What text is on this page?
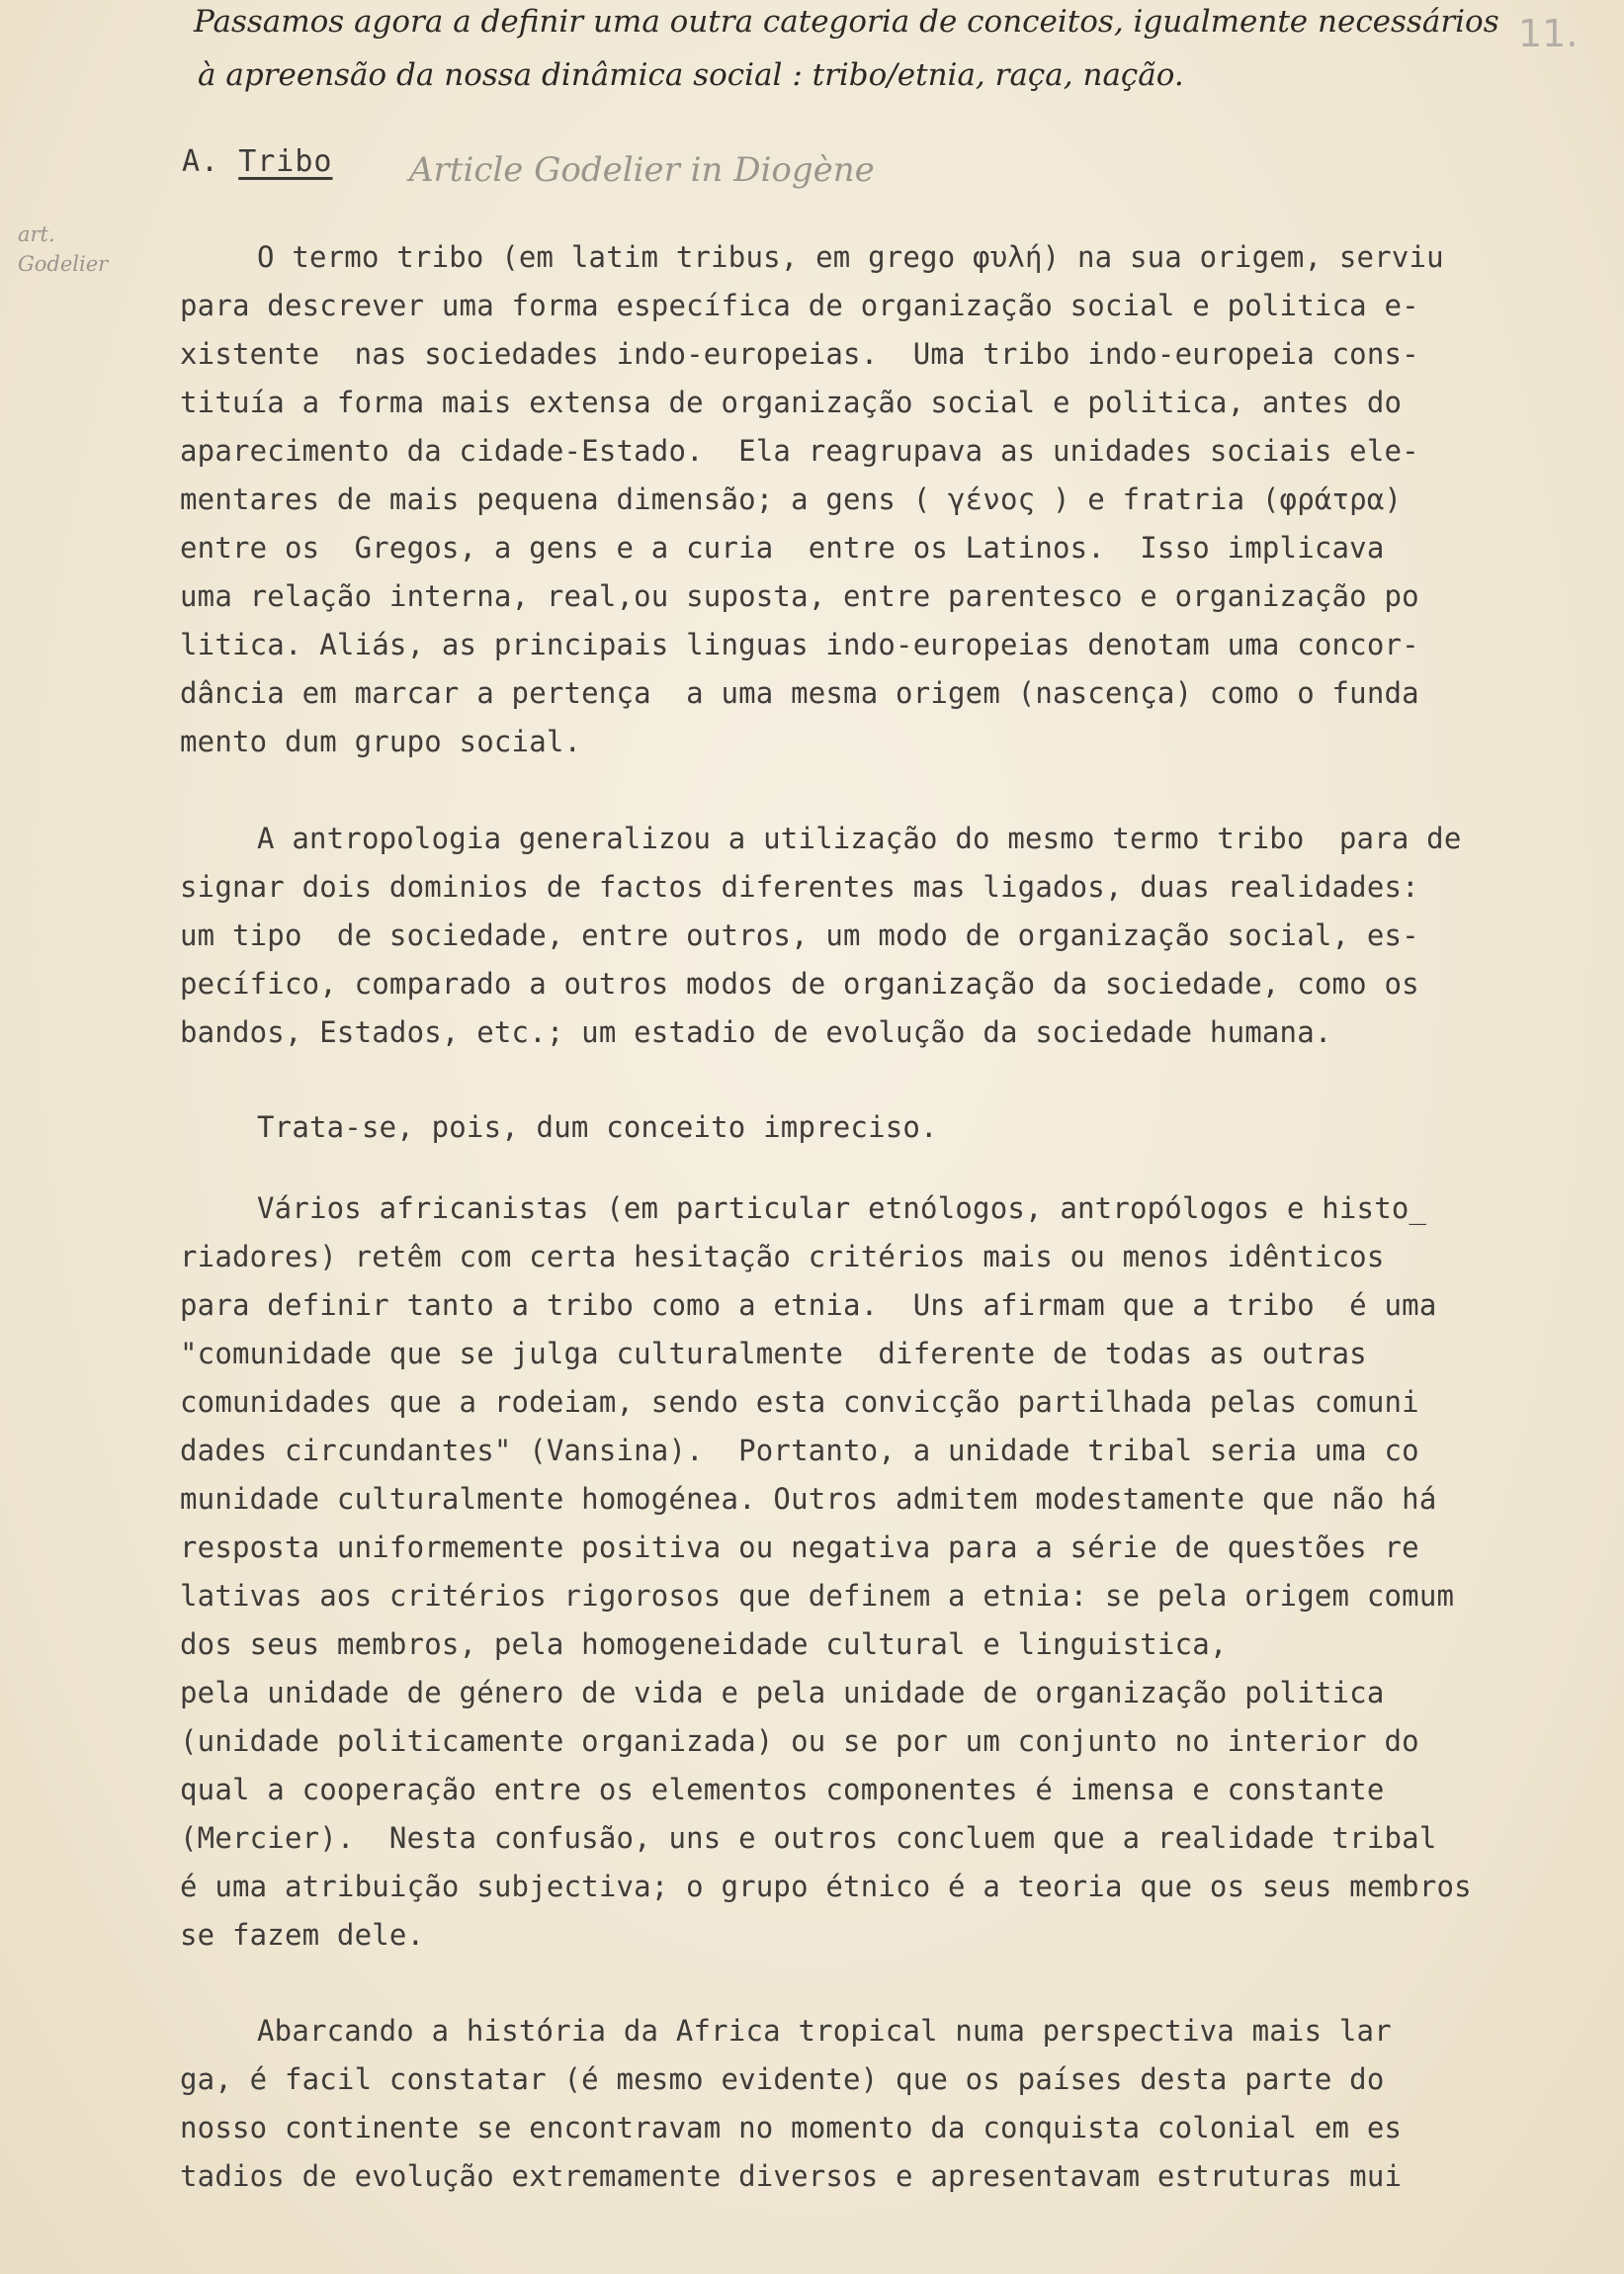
Passamos agora a definir uma outra categoria de conceitos, igualmente necessários
à apreensão da nossa dinâmica social : tribo/etnia, raça, nação.
11.
art. Godelier
Article Godelier in Diogène
A. Tribo
O termo tribo (em latim tribus, em grego φυλή) na sua origem, serviu
para descrever uma forma específica de organização social e politica e-
xistente  nas sociedades indo-europeias.  Uma tribo indo-europeia cons-
tituía a forma mais extensa de organização social e politica, antes do
aparecimento da cidade-Estado.  Ela reagrupava as unidades sociais ele-
mentares de mais pequena dimensão; a gens ( γένος ) e fratria (φράτρα)
entre os  Gregos, a gens e a curia  entre os Latinos.  Isso implicava
uma relação interna, real,ou suposta, entre parentesco e organização po
litica. Aliás, as principais linguas indo-europeias denotam uma concor-
dância em marcar a pertença  a uma mesma origem (nascença) como o funda
mento dum grupo social.
A antropologia generalizou a utilização do mesmo termo tribo  para de
signar dois dominios de factos diferentes mas ligados, duas realidades:
um tipo  de sociedade, entre outros, um modo de organização social, es-
pecífico, comparado a outros modos de organização da sociedade, como os
bandos, Estados, etc.; um estadio de evolução da sociedade humana.
Trata-se, pois, dum conceito impreciso.
Vários africanistas (em particular etnólogos, antropólogos e histo_
riadores) retêm com certa hesitação critérios mais ou menos idênticos
para definir tanto a tribo como a etnia.  Uns afirmam que a tribo  é uma
"comunidade que se julga culturalmente  diferente de todas as outras
comunidades que a rodeiam, sendo esta convicção partilhada pelas comuni
dades circundantes" (Vansina).  Portanto, a unidade tribal seria uma co
munidade culturalmente homogénea. Outros admitem modestamente que não há
resposta uniformemente positiva ou negativa para a série de questões re
lativas aos critérios rigorosos que definem a etnia: se pela origem comum
dos seus membros, pela homogeneidade cultural e linguistica,
pela unidade de género de vida e pela unidade de organização politica
(unidade politicamente organizada) ou se por um conjunto no interior do
qual a cooperação entre os elementos componentes é imensa e constante
(Mercier).  Nesta confusão, uns e outros concluem que a realidade tribal
é uma atribuição subjectiva; o grupo étnico é a teoria que os seus membros
se fazem dele.
Abarcando a história da Africa tropical numa perspectiva mais lar
ga, é facil constatar (é mesmo evidente) que os países desta parte do
nosso continente se encontravam no momento da conquista colonial em es
tadios de evolução extremamente diversos e apresentavam estruturas mui
